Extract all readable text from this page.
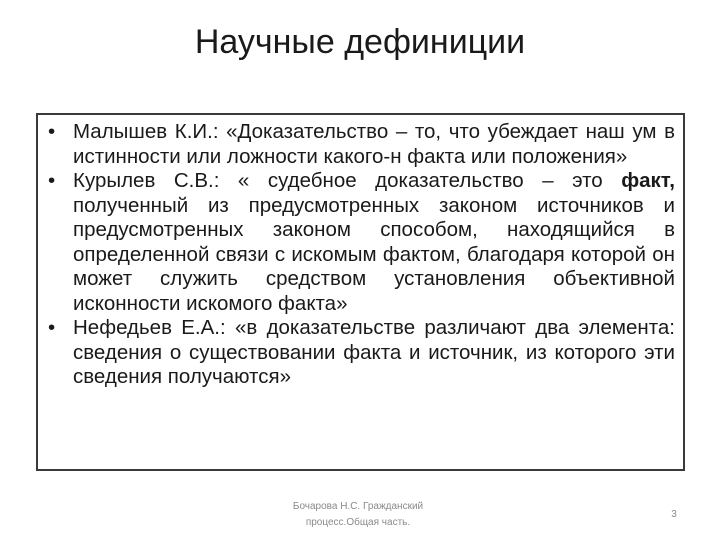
Научные дефиниции
• Малышев К.И.: «Доказательство – то, что убеждает наш ум в истинности или ложности какого-н факта или положения»
• Курылев С.В.: « судебное доказательство – это факт, полученный из предусмотренных законом источников и предусмотренных законом способом, находящийся в определенной связи с искомым фактом, благодаря которой он может служить средством установления объективной исконности искомого факта»
• Нефедьев Е.А.: «в доказательстве различают два элемента: сведения о существовании факта и источник, из которого эти сведения получаются»
Бочарова Н.С. Гражданский
процесс.Общая часть.
3
